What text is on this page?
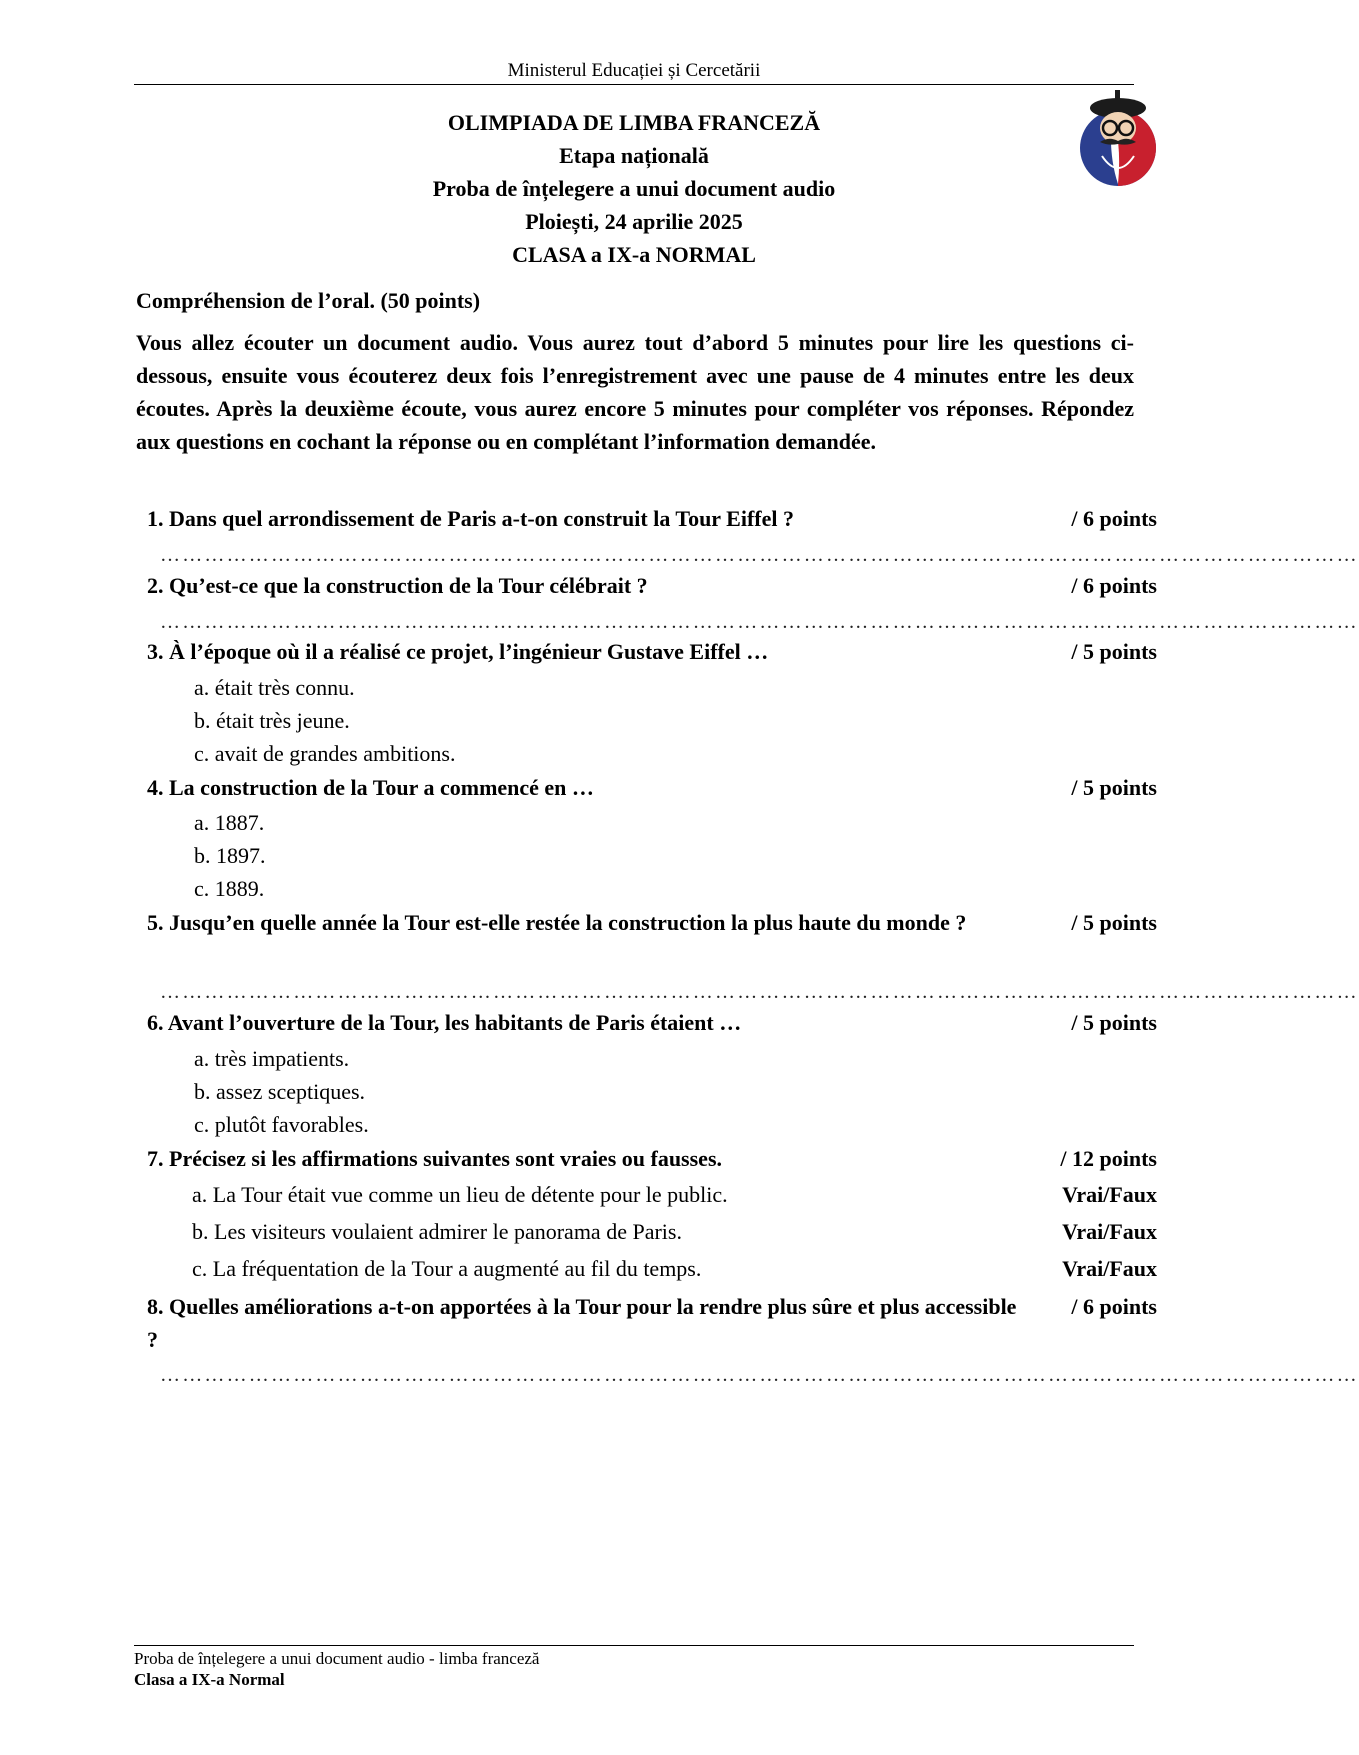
Ministerul Educației și Cercetării
OLIMPIADA DE LIMBA FRANCEZĂ
Etapa națională
Proba de înțelegere a unui document audio
Ploiești, 24 aprilie 2025
CLASA a IX-a NORMAL
Compréhension de l’oral. (50 points)

Vous allez écouter un document audio. Vous aurez tout d’abord 5 minutes pour lire les questions ci-dessous, ensuite vous écouterez deux fois l’enregistrement avec une pause de 4 minutes entre les deux écoutes. Après la deuxième écoute, vous aurez encore 5 minutes pour compléter vos réponses. Répondez aux questions en cochant la réponse ou en complétant l’information demandée.

1. Dans quel arrondissement de Paris a-t-on construit la Tour Eiffel ?	/ 6 points
………………………………………………………………………………………………………………………………………………
2. Qu’est-ce que la construction de la Tour célébrait ?	/ 6 points
………………………………………………………………………………………………………………………………………………
3. À l’époque où il a réalisé ce projet, l’ingénieur Gustave Eiffel …	/ 5 points
a. était très connu.
b. était très jeune.
c. avait de grandes ambitions.
4. La construction de la Tour a commencé en …	/ 5 points
a. 1887.
b. 1897.
c. 1889.
5. Jusqu’en quelle année la Tour est-elle restée la construction la plus haute du monde ?	/ 5 points
………………………………………………………………………………………………………………………………………………
6. Avant l’ouverture de la Tour, les habitants de Paris étaient …	/ 5 points
a. très impatients.
b. assez sceptiques.
c. plutôt favorables.
7. Précisez si les affirmations suivantes sont vraies ou fausses.	/ 12 points
a. La Tour était vue comme un lieu de détente pour le public.	Vrai/Faux
b. Les visiteurs voulaient admirer le panorama de Paris.	Vrai/Faux
c. La fréquentation de la Tour a augmenté au fil du temps.	Vrai/Faux
8. Quelles améliorations a-t-on apportées à la Tour pour la rendre plus sûre et plus accessible ?
/ 6 points
………………………………………………………………………………………………………………………………………………
Proba de înțelegere a unui document audio - limba franceză
Clasa a IX-a Normal
